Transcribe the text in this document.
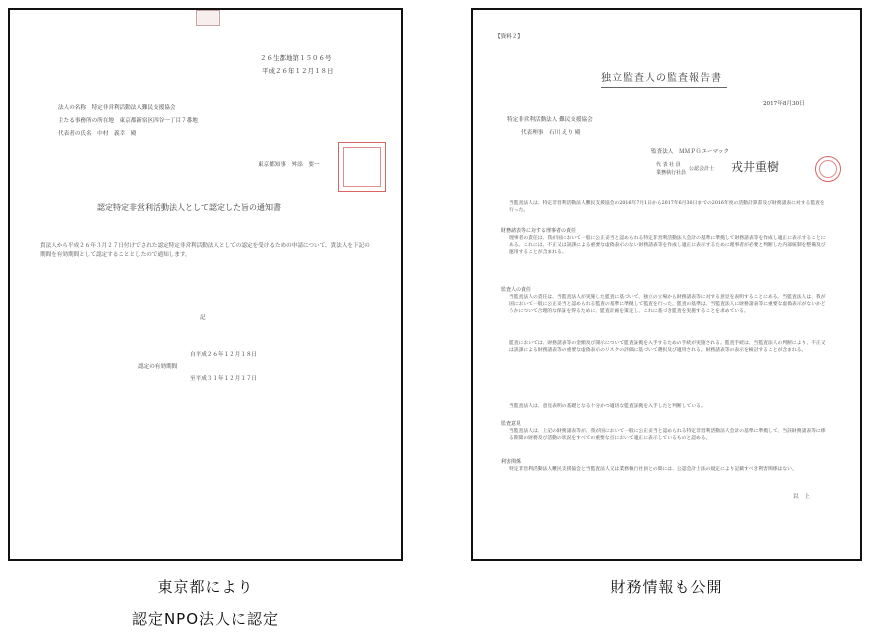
２６生都地第１５０６号
平成２６年１２月１８日
法人の名称　特定非営利活動法人難民支援協会
主たる事務所の所在地　東京都新宿区四谷一丁目７番地
代表者の氏名　中村　義幸　殿
東京都知事　舛添　要一
認定特定非営利活動法人として認定した旨の通知書
貴法人から平成２６年３月２７日付けでされた認定特定非営利活動法人としての認定を受けるための申請について、貴法人を下記の期間を有効期間として認定することとしたので通知します。
記
自平成２６年１２月１８日
認定の有効期間
至平成３１年１２月１７日
【資料２】
独立監査人の監査報告書
2017年8月30日
特定非営利活動法人 難民支援協会
代表理事　石川 えり 殿
監査法人　ＭＭＰＧエーマック
代 表 社 員
業務執行社員
公認会計士 戎井重樹
当監査法人は、特定非営利活動法人難民支援協会の2016年7月1日から2017年6月30日までの2016年度の活動計算書及び財務諸表に対する監査を行った。
財務諸表等に対する理事者の責任
理事者の責任は、我が国において一般に公正妥当と認められる特定非営利活動法人会計の基準に準拠して財務諸表等を作成し適正に表示することにある。これには、不正又は誤謬による重要な虚偽表示のない財務諸表等を作成し適正に表示するために理事者が必要と判断した内部統制を整備及び運用することが含まれる。
監査人の責任
当監査法人の責任は、当監査法人が実施した監査に基づいて、独立の立場から財務諸表等に対する意見を表明することにある。当監査法人は、我が国において一般に公正妥当と認められる監査の基準に準拠して監査を行った。監査の基準は、当監査法人に財務諸表等に重要な虚偽表示がないかどうかについて合理的な保証を得るために、監査計画を策定し、これに基づき監査を実施することを求めている。
監査においては、財務諸表等の金額及び開示について監査証拠を入手するための手続が実施される。監査手続は、当監査法人の判断により、不正又は誤謬による財務諸表等の重要な虚偽表示のリスクの評価に基づいて選択及び適用される。財務諸表等の表示を検討することが含まれる。
当監査法人は、意見表明の基礎となる十分かつ適切な監査証拠を入手したと判断している。
監査意見
当監査法人は、上記の財務諸表等が、我が国において一般に公正妥当と認められる特定非営利活動法人会計の基準に準拠して、当該財務諸表等に係る期間の財務及び活動の状況をすべての重要な点において適正に表示しているものと認める。
利害関係
特定非営利活動法人難民支援協会と当監査法人又は業務執行社員との間には、公認会計士法の規定により記載すべき利害関係はない。
以　上
東京都により
認定NPO法人に認定
財務情報も公開
